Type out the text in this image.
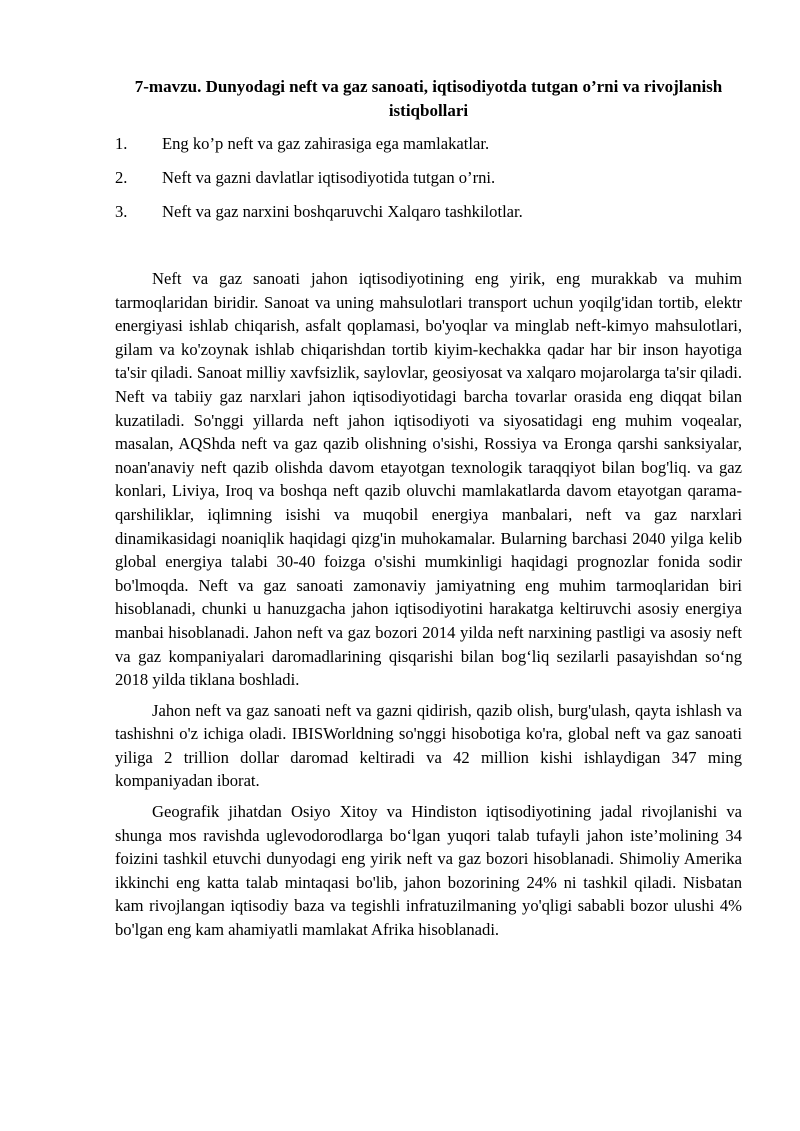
7-mavzu. Dunyodagi neft va gaz sanoati, iqtisodiyotda tutgan o’rni va rivojlanish istiqbollari
1. Eng ko’p neft va gaz zahirasiga ega mamlakatlar.
2. Neft va gazni davlatlar iqtisodiyotida tutgan o’rni.
3. Neft va gaz narxini boshqaruvchi Xalqaro tashkilotlar.

Neft va gaz sanoati jahon iqtisodiyotining eng yirik, eng murakkab va muhim tarmoqlaridan biridir. Sanoat va uning mahsulotlari transport uchun yoqilg'idan tortib, elektr energiyasi ishlab chiqarish, asfalt qoplamasi, bo'yoqlar va minglab neft-kimyo mahsulotlari, gilam va ko'zoynak ishlab chiqarishdan tortib kiyim-kechakka qadar har bir inson hayotiga ta'sir qiladi. Sanoat milliy xavfsizlik, saylovlar, geosiyosat va xalqaro mojarolarga ta'sir qiladi. Neft va tabiiy gaz narxlari jahon iqtisodiyotidagi barcha tovarlar orasida eng diqqat bilan kuzatiladi. So'nggi yillarda neft jahon iqtisodiyoti va siyosatidagi eng muhim voqealar, masalan, AQShda neft va gaz qazib olishning o'sishi, Rossiya va Eronga qarshi sanksiyalar, noan'anaviy neft qazib olishda davom etayotgan texnologik taraqqiyot bilan bog'liq. va gaz konlari, Liviya, Iroq va boshqa neft qazib oluvchi mamlakatlarda davom etayotgan qarama-qarshiliklar, iqlimning isishi va muqobil energiya manbalari, neft va gaz narxlari dinamikasidagi noaniqlik haqidagi qizg'in muhokamalar. Bularning barchasi 2040 yilga kelib global energiya talabi 30-40 foizga o'sishi mumkinligi haqidagi prognozlar fonida sodir bo'lmoqda. Neft va gaz sanoati zamonaviy jamiyatning eng muhim tarmoqlaridan biri hisoblanadi, chunki u hanuzgacha jahon iqtisodiyotini harakatga keltiruvchi asosiy energiya manbai hisoblanadi. Jahon neft va gaz bozori 2014 yilda neft narxining pastligi va asosiy neft va gaz kompaniyalari daromadlarining qisqarishi bilan bog‘liq sezilarli pasayishdan so‘ng 2018 yilda tiklana boshladi.

Jahon neft va gaz sanoati neft va gazni qidirish, qazib olish, burg'ulash, qayta ishlash va tashishni o'z ichiga oladi. IBISWorldning so'nggi hisobotiga ko'ra, global neft va gaz sanoati yiliga 2 trillion dollar daromad keltiradi va 42 million kishi ishlaydigan 347 ming kompaniyadan iborat.

Geografik jihatdan Osiyo Xitoy va Hindiston iqtisodiyotining jadal rivojlanishi va shunga mos ravishda uglevodorodlarga bo‘lgan yuqori talab tufayli jahon iste’molining 34 foizini tashkil etuvchi dunyodagi eng yirik neft va gaz bozori hisoblanadi. Shimoliy Amerika ikkinchi eng katta talab mintaqasi bo'lib, jahon bozorining 24% ni tashkil qiladi. Nisbatan kam rivojlangan iqtisodiy baza va tegishli infratuzilmaning yo'qligi sababli bozor ulushi 4% bo'lgan eng kam ahamiyatli mamlakat Afrika hisoblanadi.
